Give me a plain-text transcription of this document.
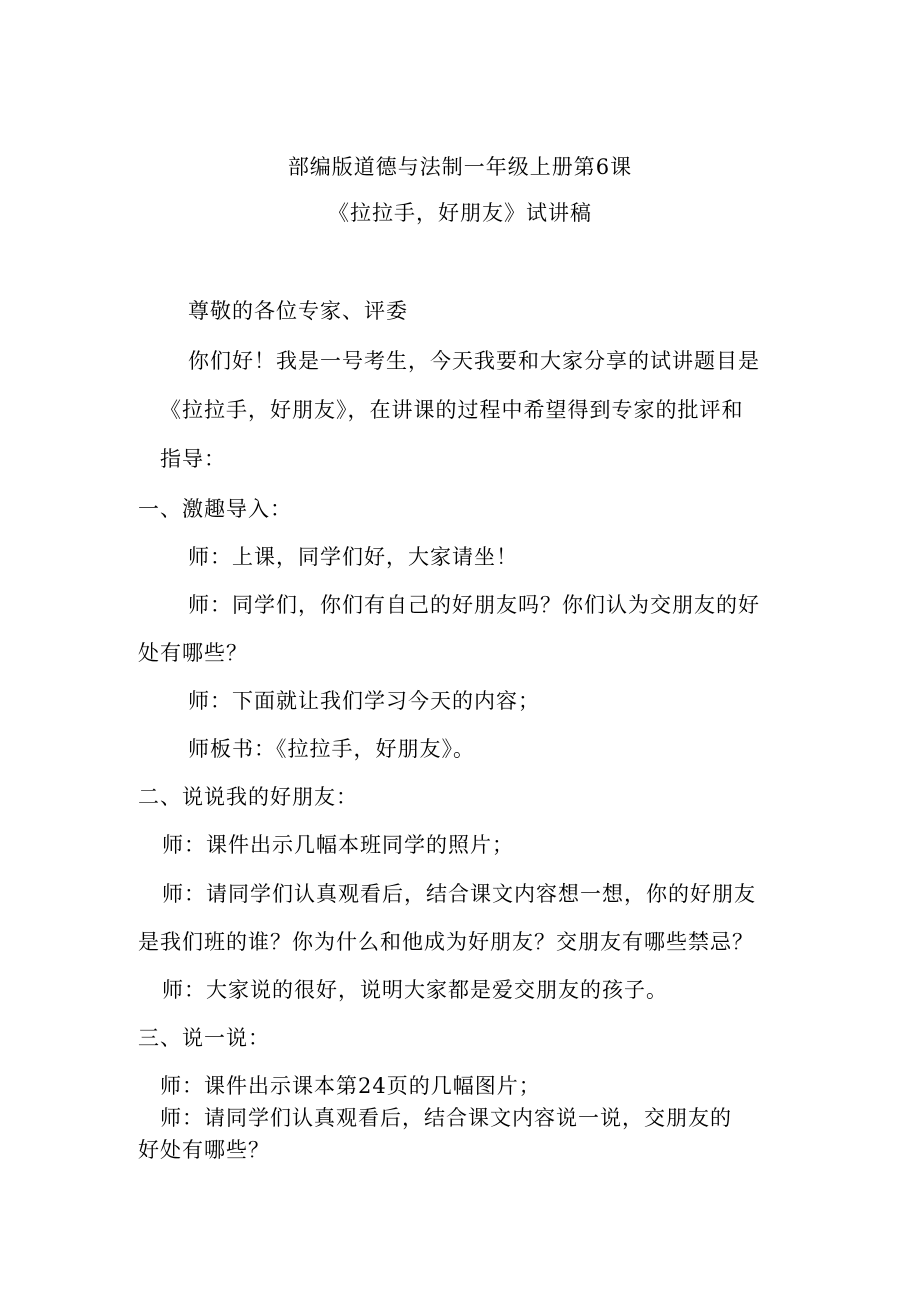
部编版道德与法制一年级上册第6课
《拉拉手，好朋友》试讲稿
尊敬的各位专家、评委
你们好！我是一号考生，今天我要和大家分享的试讲题目是
《拉拉手，好朋友》，在讲课的过程中希望得到专家的批评和
指导：
一、激趣导入：
师：上课，同学们好，大家请坐！
师：同学们，你们有自己的好朋友吗？你们认为交朋友的好
处有哪些？
师：下面就让我们学习今天的内容；
师板书：《拉拉手，好朋友》。
二、说说我的好朋友：
师：课件出示几幅本班同学的照片；
师：请同学们认真观看后，结合课文内容想一想，你的好朋友
是我们班的谁？你为什么和他成为好朋友？交朋友有哪些禁忌？
师：大家说的很好，说明大家都是爱交朋友的孩子。
三、说一说：
师：课件出示课本第24页的几幅图片；
师：请同学们认真观看后，结合课文内容说一说，交朋友的
好处有哪些？
